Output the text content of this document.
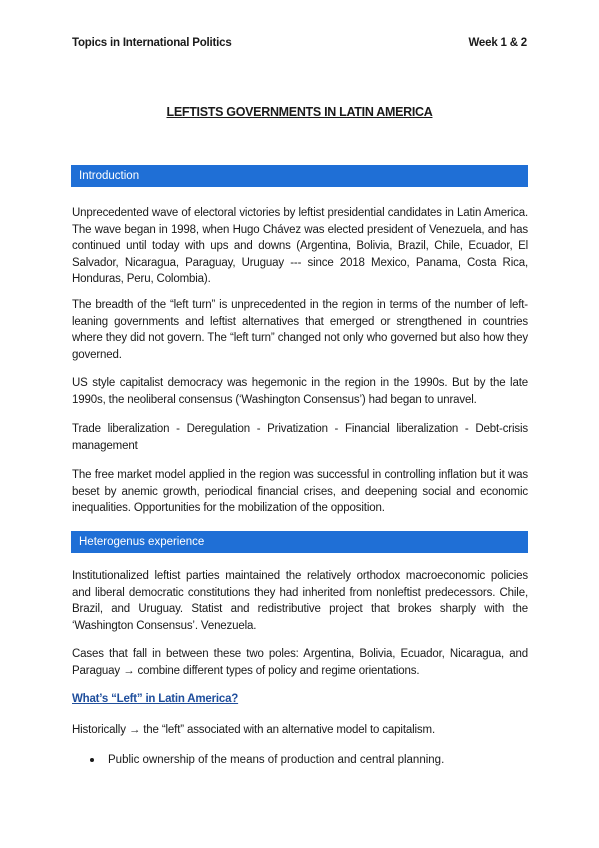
Topics in International Politics	Week 1 & 2
LEFTISTS GOVERNMENTS IN LATIN AMERICA
Introduction

Unprecedented wave of electoral victories by leftist presidential candidates in Latin America. The wave began in 1998, when Hugo Chávez was elected president of Venezuela, and has continued until today with ups and downs (Argentina, Bolivia, Brazil, Chile, Ecuador, El Salvador, Nicaragua, Paraguay, Uruguay --- since 2018 Mexico, Panama, Costa Rica, Honduras, Peru, Colombia).

The breadth of the “left turn” is unprecedented in the region in terms of the number of left-leaning governments and leftist alternatives that emerged or strengthened in countries where they did not govern. The “left turn” changed not only who governed but also how they governed.

US style capitalist democracy was hegemonic in the region in the 1990s. But by the late 1990s, the neoliberal consensus (‘Washington Consensus’) had began to unravel.

Trade liberalization - Deregulation - Privatization - Financial liberalization - Debt-crisis management

The free market model applied in the region was successful in controlling inflation but it was beset by anemic growth, periodical financial crises, and deepening social and economic inequalities. Opportunities for the mobilization of the opposition.

Heterogenus experience

Institutionalized leftist parties maintained the relatively orthodox macroeconomic policies and liberal democratic constitutions they had inherited from nonleftist predecessors. Chile, Brazil, and Uruguay. Statist and redistributive project that brokes sharply with the ‘Washington Consensus’. Venezuela.

Cases that fall in between these two poles: Argentina, Bolivia, Ecuador, Nicaragua, and Paraguay → combine different types of policy and regime orientations.

What’s “Left” in Latin America?

Historically → the “left” associated with an alternative model to capitalism.

Public ownership of the means of production and central planning.
